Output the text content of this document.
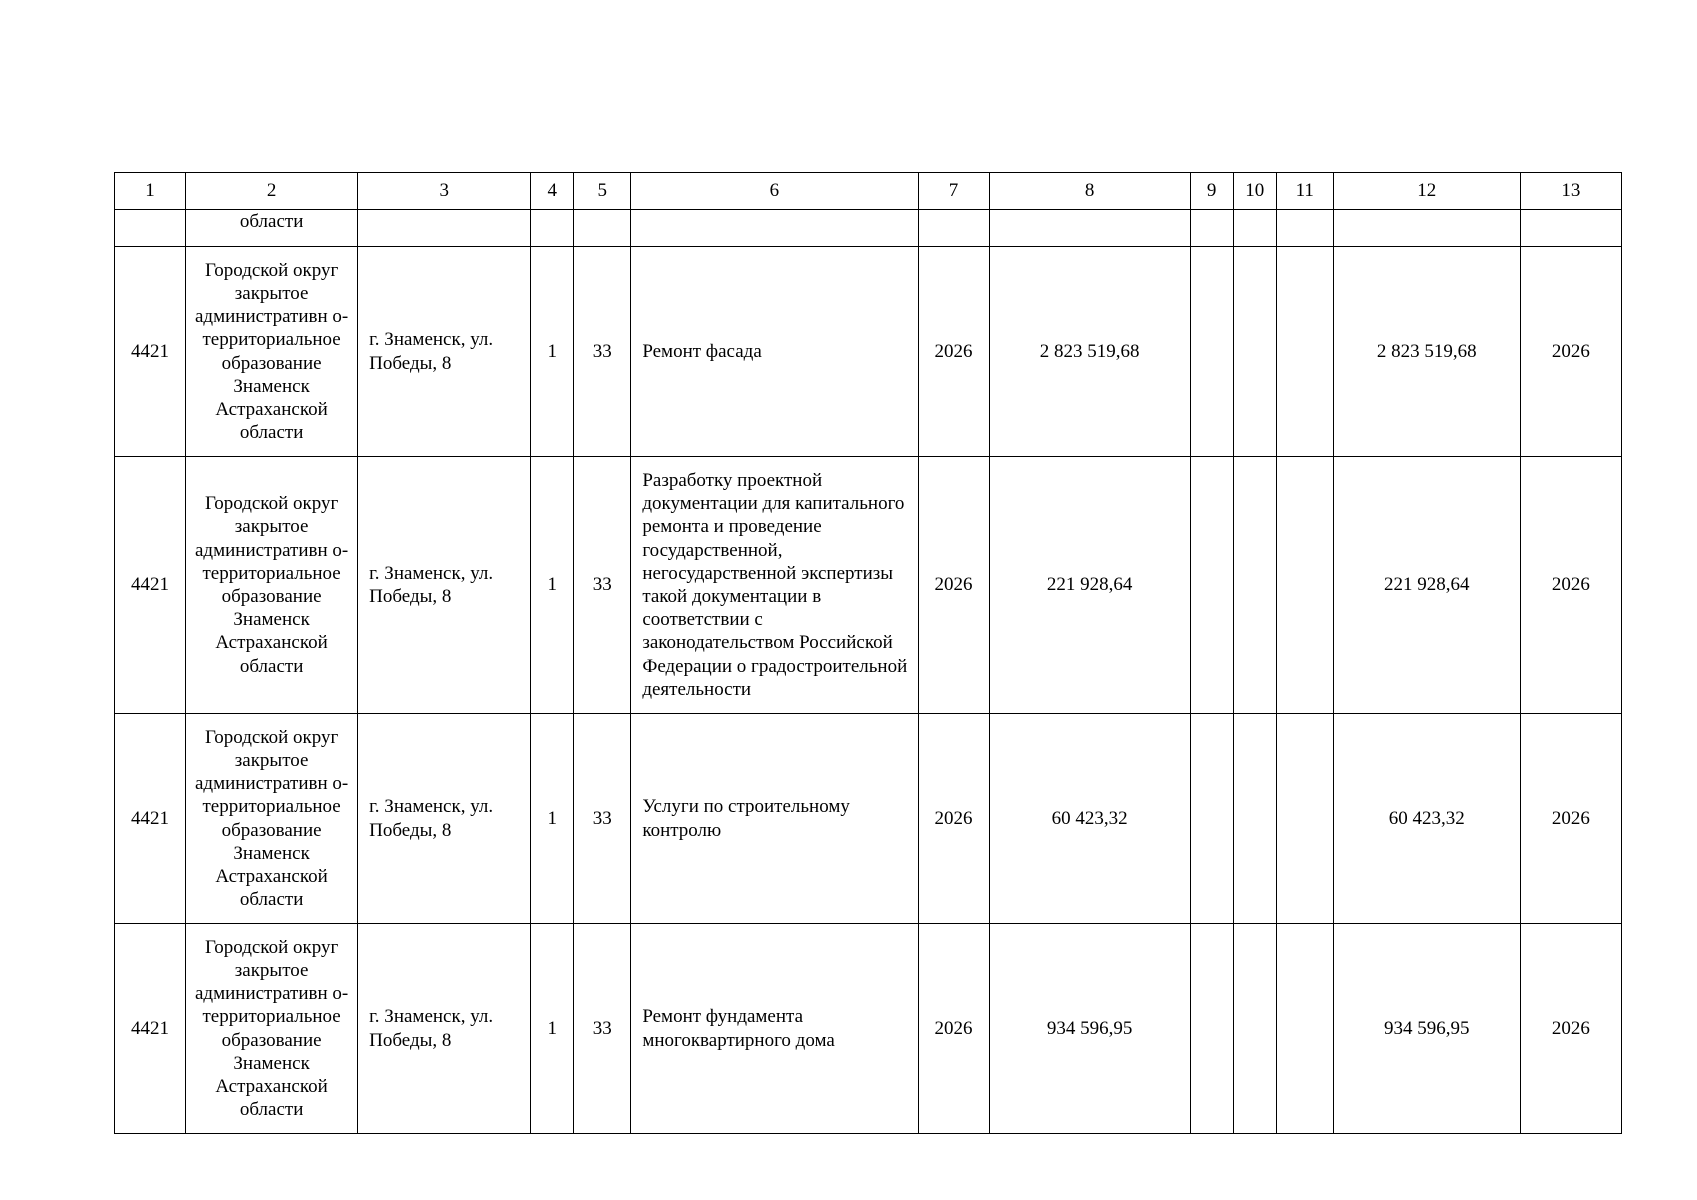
1	2	3	4	5	6	7	8	9	10	11	12	13
	области											
4421	Городской округ закрытое административн о-территориальное образование Знаменск Астраханской области	г. Знаменск, ул. Победы, 8	1	33	Ремонт фасада	2026	2 823 519,68				2 823 519,68	2026
4421	Городской округ закрытое административн о-территориальное образование Знаменск Астраханской области	г. Знаменск, ул. Победы, 8	1	33	Разработку проектной документации для капитального ремонта и проведение государственной, негосударственной экспертизы такой документации в соответствии с законодательством Российской Федерации о градостроительной деятельности	2026	221 928,64				221 928,64	2026
4421	Городской округ закрытое административн о-территориальное образование Знаменск Астраханской области	г. Знаменск, ул. Победы, 8	1	33	Услуги по строительному контролю	2026	60 423,32				60 423,32	2026
4421	Городской округ закрытое административн о-территориальное образование Знаменск Астраханской области	г. Знаменск, ул. Победы, 8	1	33	Ремонт фундамента многоквартирного дома	2026	934 596,95				934 596,95	2026
